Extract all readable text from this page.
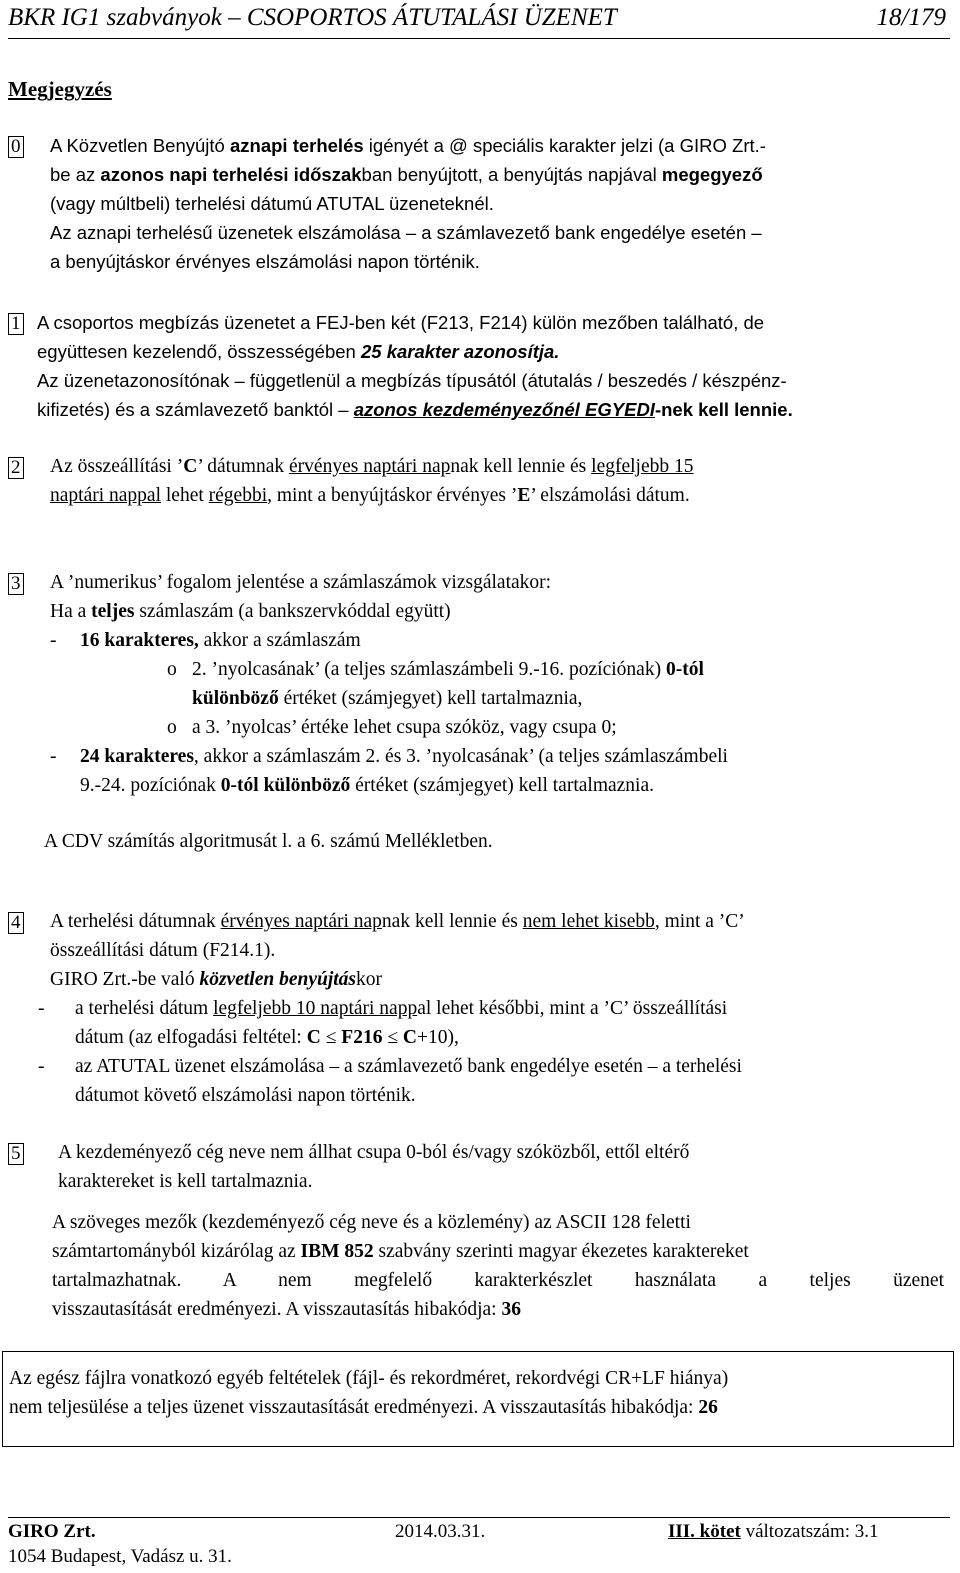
BKR IG1 szabványok – CSOPORTOS ÁTUTALÁSI ÜZENET	18/179
Megjegyzés
0 A Közvetlen Benyújtó aznapi terhelés igényét a @ speciális karakter jelzi (a GIRO Zrt.-
be az azonos napi terhelési időszakban benyújtott, a benyújtás napjával megegyező
(vagy múltbeli) terhelési dátumú ATUTAL üzeneteknél.
Az aznapi terhelésű üzenetek elszámolása – a számlavezető bank engedélye esetén –
a benyújtáskor érvényes elszámolási napon történik.
1 A csoportos megbízás üzenetet a FEJ-ben két (F213, F214) külön mezőben található, de
együttesen kezelendő, összességében 25 karakter azonosítja.
Az üzenetazonosítónak – függetlenül a megbízás típusától (átutalás / beszedés / készpénz-
kifizetés) és a számlavezető banktól – azonos kezdeményezőnél EGYEDI-nek kell lennie.
2 Az összeállítási ’C’ dátumnak érvényes naptári napnak kell lennie és legfeljebb 15
naptári nappal lehet régebbi, mint a benyújtáskor érvényes ’E’ elszámolási dátum.
3 A ’numerikus’ fogalom jelentése a számlaszámok vizsgálatakor:
Ha a teljes számlaszám (a bankszervkóddal együtt)
- 16 karakteres, akkor a számlaszám
o 2. ’nyolcasának’ (a teljes számlaszámbeli 9.-16. pozíciónak) 0-tól
különböző értéket (számjegyet) kell tartalmaznia,
o a 3. ’nyolcas’ értéke lehet csupa szóköz, vagy csupa 0;
- 24 karakteres, akkor a számlaszám 2. és 3. ’nyolcasának’ (a teljes számlaszámbeli
9.-24. pozíciónak 0-tól különböző értéket (számjegyet) kell tartalmaznia.
A CDV számítás algoritmusát l. a 6. számú Mellékletben.
4 A terhelési dátumnak érvényes naptári napnak kell lennie és nem lehet kisebb, mint a ’C’
összeállítási dátum (F214.1).
GIRO Zrt.-be való közvetlen benyújtáskor
- a terhelési dátum legfeljebb 10 naptári nappal lehet későbbi, mint a ’C’ összeállítási
dátum (az elfogadási feltétel: C ≤ F216 ≤ C+10),
- az ATUTAL üzenet elszámolása – a számlavezető bank engedélye esetén – a terhelési
dátumot követő elszámolási napon történik.
5 A kezdeményező cég neve nem állhat csupa 0-ból és/vagy szóközből, ettől eltérő
karaktereket is kell tartalmaznia.
A szöveges mezők (kezdeményező cég neve és a közlemény) az ASCII 128 feletti
számtartományból kizárólag az IBM 852 szabvány szerinti magyar ékezetes karaktereket
tartalmazhatnak. A nem megfelelő karakterkészlet használata a teljes üzenet
visszautasítását eredményezi. A visszautasítás hibakódja: 36
Az egész fájlra vonatkozó egyéb feltételek (fájl- és rekordméret, rekordvégi CR+LF hiánya)
nem teljesülése a teljes üzenet visszautasítását eredményezi. A visszautasítás hibakódja: 26
GIRO Zrt.	2014.03.31.	III. kötet változatszám: 3.1
1054 Budapest, Vadász u. 31.
